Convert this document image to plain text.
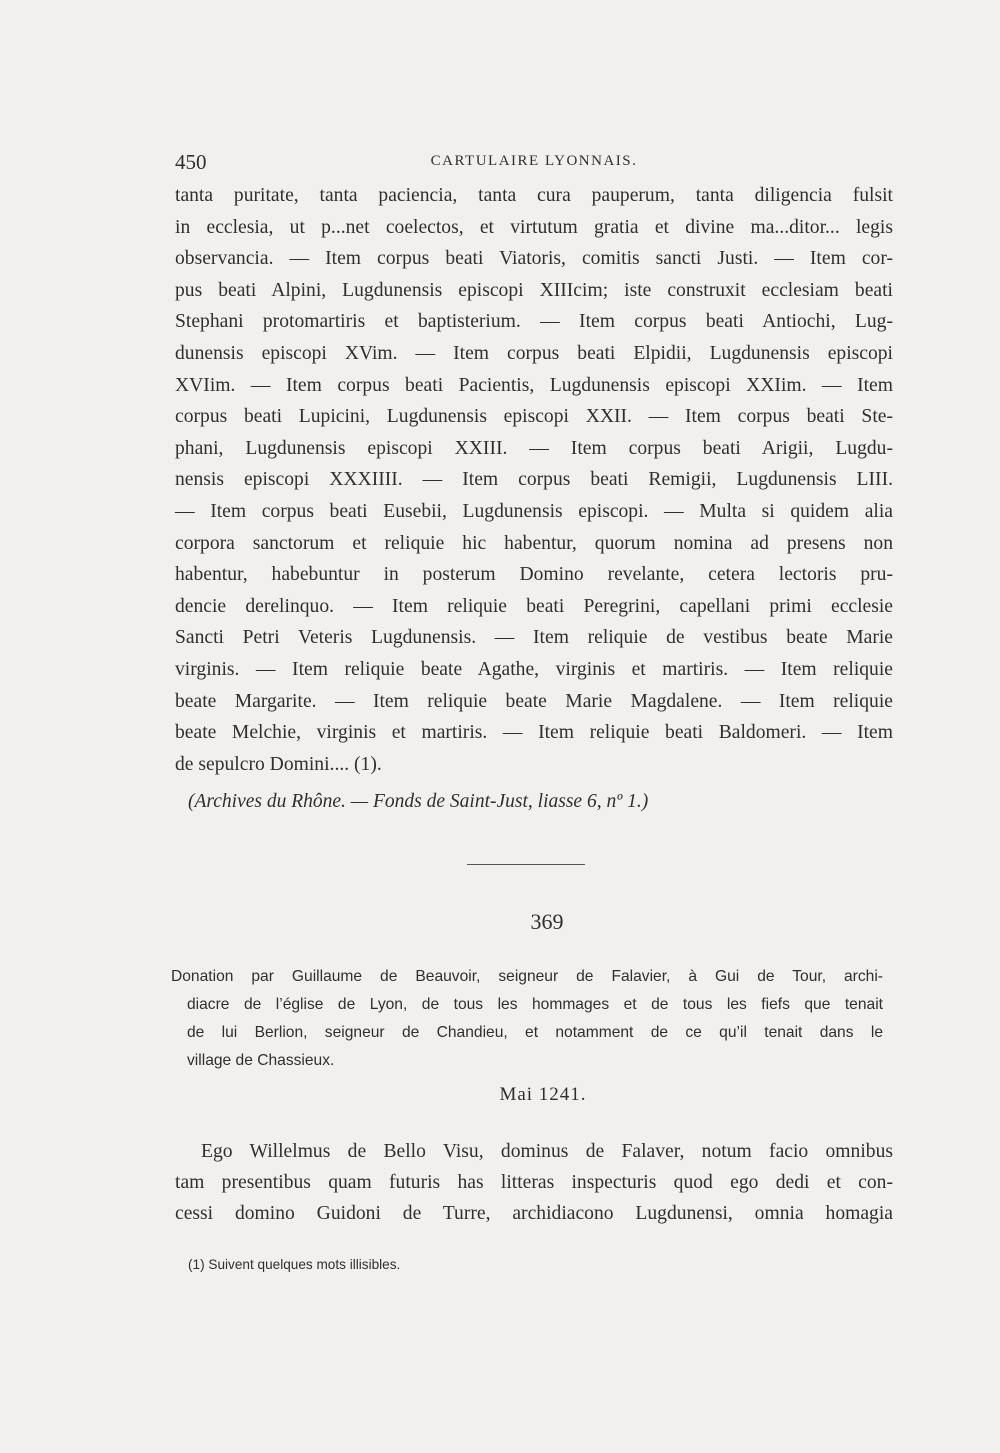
450	CARTULAIRE LYONNAIS.

tanta puritate, tanta paciencia, tanta cura pauperum, tanta diligencia fulsit
in ecclesia, ut p...net coelectos, et virtutum gratia et divine ma...ditor... legis
observancia. — Item corpus beati Viatoris, comitis sancti Justi. — Item cor-
pus beati Alpini, Lugdunensis episcopi XIIIcim; iste construxit ecclesiam beati
Stephani protomartiris et baptisterium. — Item corpus beati Antiochi, Lug-
dunensis episcopi XVim. — Item corpus beati Elpidii, Lugdunensis episcopi
XVIim. — Item corpus beati Pacientis, Lugdunensis episcopi XXIim. — Item
corpus beati Lupicini, Lugdunensis episcopi XXII. — Item corpus beati Ste-
phani, Lugdunensis episcopi XXIII. — Item corpus beati Arigii, Lugdu-
nensis episcopi XXXIIII. — Item corpus beati Remigii, Lugdunensis LIII.
— Item corpus beati Eusebii, Lugdunensis episcopi. — Multa si quidem alia
corpora sanctorum et reliquie hic habentur, quorum nomina ad presens non
habentur, habebuntur in posterum Domino revelante, cetera lectoris pru-
dencie derelinquo. — Item reliquie beati Peregrini, capellani primi ecclesie
Sancti Petri Veteris Lugdunensis. — Item reliquie de vestibus beate Marie
virginis. — Item reliquie beate Agathe, virginis et martiris. — Item reliquie
beate Margarite. — Item reliquie beate Marie Magdalene. — Item reliquie
beate Melchie, virginis et martiris. — Item reliquie beati Baldomeri. — Item
de sepulcro Domini.... (1).

(Archives du Rhône. — Fonds de Saint-Just, liasse 6, nº 1.)
369
Donation par Guillaume de Beauvoir, seigneur de Falavier, à Gui de Tour, archi-
diacre de l’église de Lyon, de tous les hommages et de tous les fiefs que tenait
de lui Berlion, seigneur de Chandieu, et notamment de ce qu’il tenait dans le
village de Chassieux.
Mai 1241.
Ego Willelmus de Bello Visu, dominus de Falaver, notum facio omnibus
tam presentibus quam futuris has litteras inspecturis quod ego dedi et con-
cessi domino Guidoni de Turre, archidiacono Lugdunensi, omnia homagia
(1) Suivent quelques mots illisibles.
